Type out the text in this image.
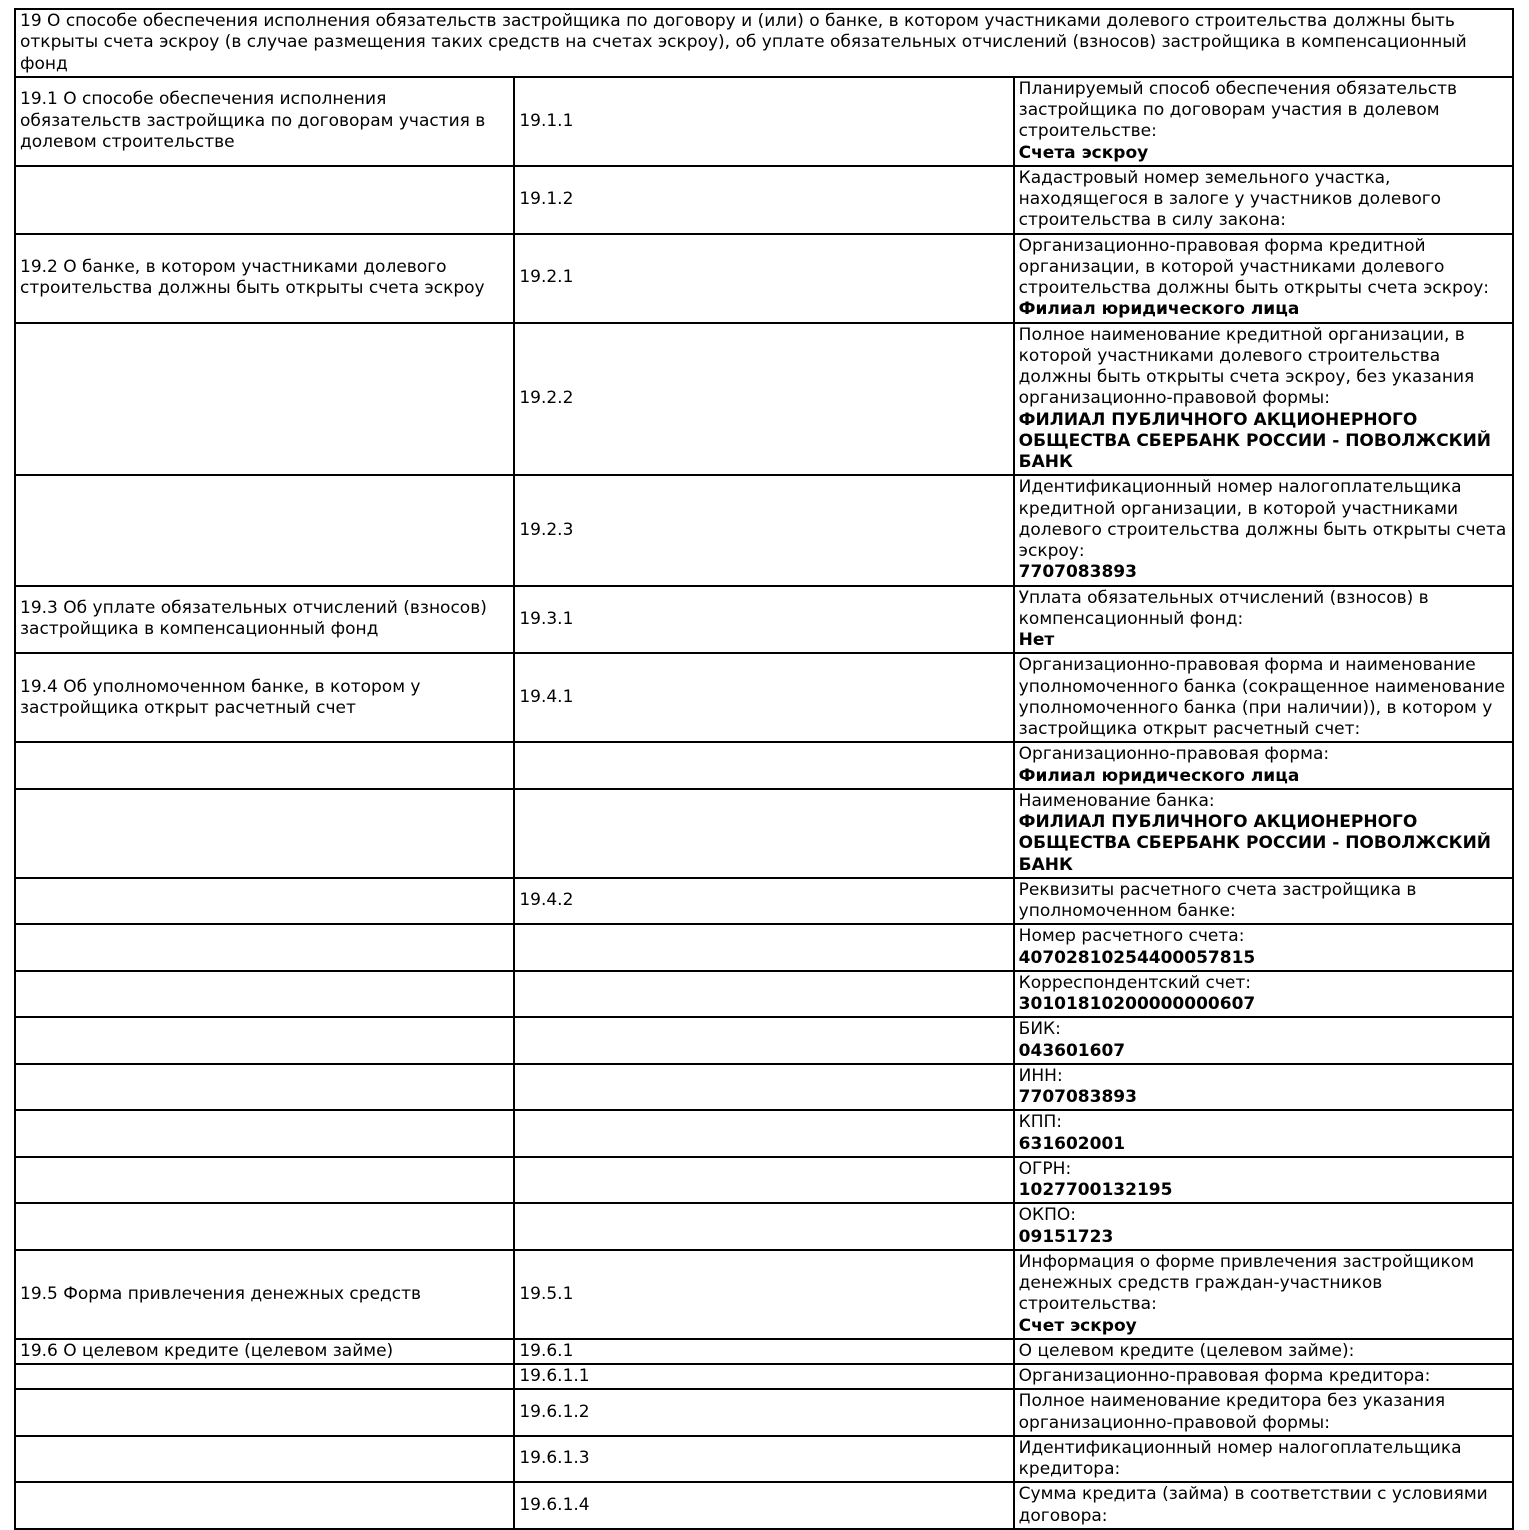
19 О способе обеспечения исполнения обязательств застройщика по договору и (или) о банке, в котором участниками долевого строительства должны быть открыты счета эскроу (в случае размещения таких средств на счетах эскроу), об уплате обязательных отчислений (взносов) застройщика в компенсационный фонд		
19.1 О способе обеспечения исполнения обязательств застройщика по договорам участия в долевом строительстве	19.1.1	Планируемый способ обеспечения обязательств застройщика по договорам участия в долевом строительстве:
Счета эскроу

	19.1.2	Кадастровый номер земельного участка, находящегося в залоге у участников долевого строительства в силу закона:

19.2 О банке, в котором участниками долевого строительства должны быть открыты счета эскроу	19.2.1	Организационно-правовая форма кредитной организации, в которой участниками долевого строительства должны быть открыты счета эскроу:
Филиал юридического лица

	19.2.2	Полное наименование кредитной организации, в которой участниками долевого строительства должны быть открыты счета эскроу, без указания организационно-правовой формы:
ФИЛИАЛ ПУБЛИЧНОГО АКЦИОНЕРНОГО ОБЩЕСТВА СБЕРБАНК РОССИИ - ПОВОЛЖСКИЙ БАНК

	19.2.3	Идентификационный номер налогоплательщика кредитной организации, в которой участниками долевого строительства должны быть открыты счета эскроу:
7707083893

19.3 Об уплате обязательных отчислений (взносов) застройщика в компенсационный фонд	19.3.1	Уплата обязательных отчислений (взносов) в компенсационный фонд:
Нет

19.4 Об уполномоченном банке, в котором у застройщика открыт расчетный счет	19.4.1	Организационно-правовая форма и наименование уполномоченного банка (сокращенное наименование уполномоченного банка (при наличии)), в котором у застройщика открыт расчетный счет:

		Организационно-правовая форма:
Филиал юридического лица

		Наименование банка:
ФИЛИАЛ ПУБЛИЧНОГО АКЦИОНЕРНОГО ОБЩЕСТВА СБЕРБАНК РОССИИ - ПОВОЛЖСКИЙ БАНК

	19.4.2	Реквизиты расчетного счета застройщика в уполномоченном банке:

		Номер расчетного счета:
40702810254400057815

		Корреспондентский счет:
30101810200000000607

		БИК:
043601607

		ИНН:
7707083893

		КПП:
631602001

		ОГРН:
1027700132195

		ОКПО:
09151723

19.5 Форма привлечения денежных средств	19.5.1	Информация о форме привлечения застройщиком денежных средств граждан-участников строительства:
Счет эскроу

19.6 О целевом кредите (целевом займе)	19.6.1	О целевом кредите (целевом займе):

	19.6.1.1	Организационно-правовая форма кредитора:

	19.6.1.2	Полное наименование кредитора без указания организационно-правовой формы:

	19.6.1.3	Идентификационный номер налогоплательщика кредитора:

	19.6.1.4	Сумма кредита (займа) в соответствии с условиями договора:
